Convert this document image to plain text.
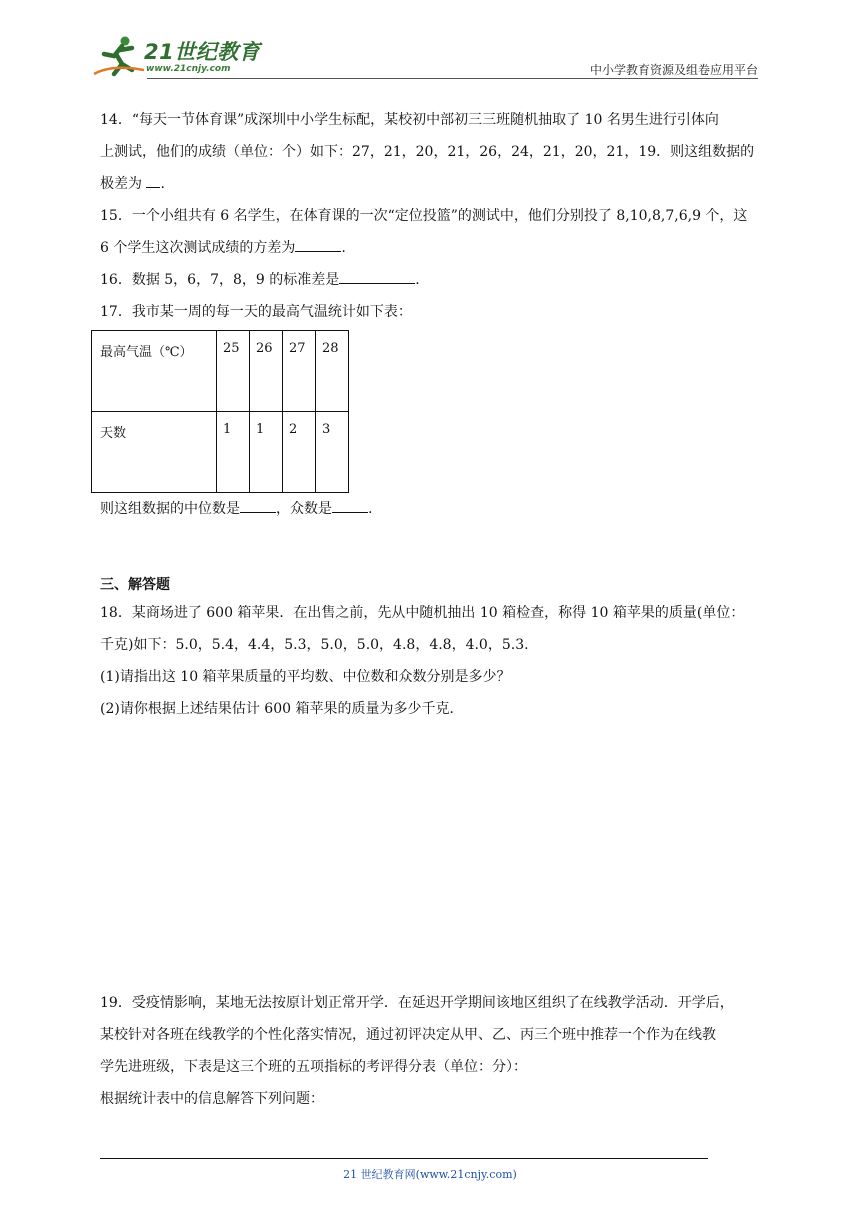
21世纪教育
www.21cnjy.com	中小学教育资源及组卷应用平台

14．“每天一节体育课”成深圳中小学生标配，某校初中部初三三班随机抽取了 10 名男生进行引体向

上测试，他们的成绩（单位：个）如下：27，21，20，21，26，24，21，20，21，19．则这组数据的

极差为 .

15．一个小组共有 6 名学生，在体育课的一次“定位投篮”的测试中，他们分别投了 8,10,8,7,6,9 个，这

6 个学生这次测试成绩的方差为	.

16．数据 5，6，7，8，9 的标准差是	.

17．我市某一周的每一天的最高气温统计如下表：

最高气温（℃）	25	26	27	28
天数	1	1	2	3

则这组数据的中位数是	，众数是	.

三、解答题

18．某商场进了 600 箱苹果．在出售之前，先从中随机抽出 10 箱检查，称得 10 箱苹果的质量(单位：

千克)如下：5.0，5.4，4.4，5.3，5.0，5.0，4.8，4.8，4.0，5.3.

(1)请指出这 10 箱苹果质量的平均数、中位数和众数分别是多少？

(2)请你根据上述结果估计 600 箱苹果的质量为多少千克．

19．受疫情影响，某地无法按原计划正常开学．在延迟开学期间该地区组织了在线教学活动．开学后，

某校针对各班在线教学的个性化落实情况，通过初评决定从甲、乙、丙三个班中推荐一个作为在线教

学先进班级，下表是这三个班的五项指标的考评得分表（单位：分）：

根据统计表中的信息解答下列问题：

21 世纪教育网(www.21cnjy.com)
